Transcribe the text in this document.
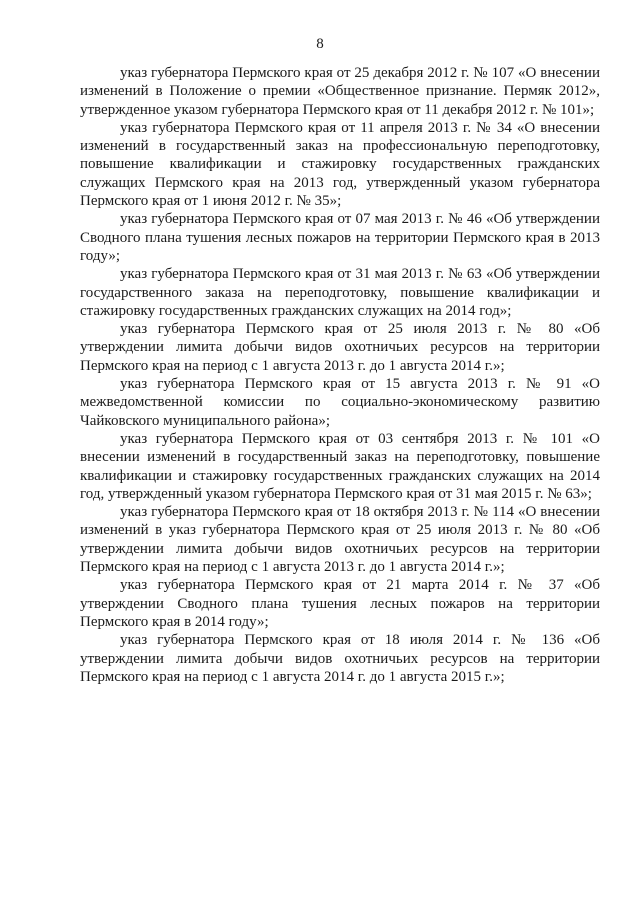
8

указ губернатора Пермского края от 25 декабря 2012 г. № 107 «О внесении изменений в Положение о премии «Общественное признание. Пермяк 2012», утвержденное указом губернатора Пермского края от 11 декабря 2012 г. № 101»;

указ губернатора Пермского края от 11 апреля 2013 г. № 34 «О внесении изменений в государственный заказ на профессиональную переподготовку, повышение квалификации и стажировку государственных гражданских служащих Пермского края на 2013 год, утвержденный указом губернатора Пермского края от 1 июня 2012 г. № 35»;

указ губернатора Пермского края от 07 мая 2013 г. № 46 «Об утверждении Сводного плана тушения лесных пожаров на территории Пермского края в 2013 году»;

указ губернатора Пермского края от 31 мая 2013 г. № 63 «Об утверждении государственного заказа на переподготовку, повышение квалификации и стажировку государственных гражданских служащих на 2014 год»;

указ губернатора Пермского края от 25 июля 2013 г. № 80 «Об утверждении лимита добычи видов охотничьих ресурсов на территории Пермского края на период с 1 августа 2013 г. до 1 августа 2014 г.»;

указ губернатора Пермского края от 15 августа 2013 г. № 91 «О межведомственной комиссии по социально-экономическому развитию Чайковского муниципального района»;

указ губернатора Пермского края от 03 сентября 2013 г. № 101 «О внесении изменений в государственный заказ на переподготовку, повышение квалификации и стажировку государственных гражданских служащих на 2014 год, утвержденный указом губернатора Пермского края от 31 мая 2015 г. № 63»;

указ губернатора Пермского края от 18 октября 2013 г. № 114 «О внесении изменений в указ губернатора Пермского края от 25 июля 2013 г. № 80 «Об утверждении лимита добычи видов охотничьих ресурсов на территории Пермского края на период с 1 августа 2013 г. до 1 августа 2014 г.»;

указ губернатора Пермского края от 21 марта 2014 г. № 37 «Об утверждении Сводного плана тушения лесных пожаров на территории Пермского края в 2014 году»;

указ губернатора Пермского края от 18 июля 2014 г. № 136 «Об утверждении лимита добычи видов охотничьих ресурсов на территории Пермского края на период с 1 августа 2014 г. до 1 августа 2015 г.»;
